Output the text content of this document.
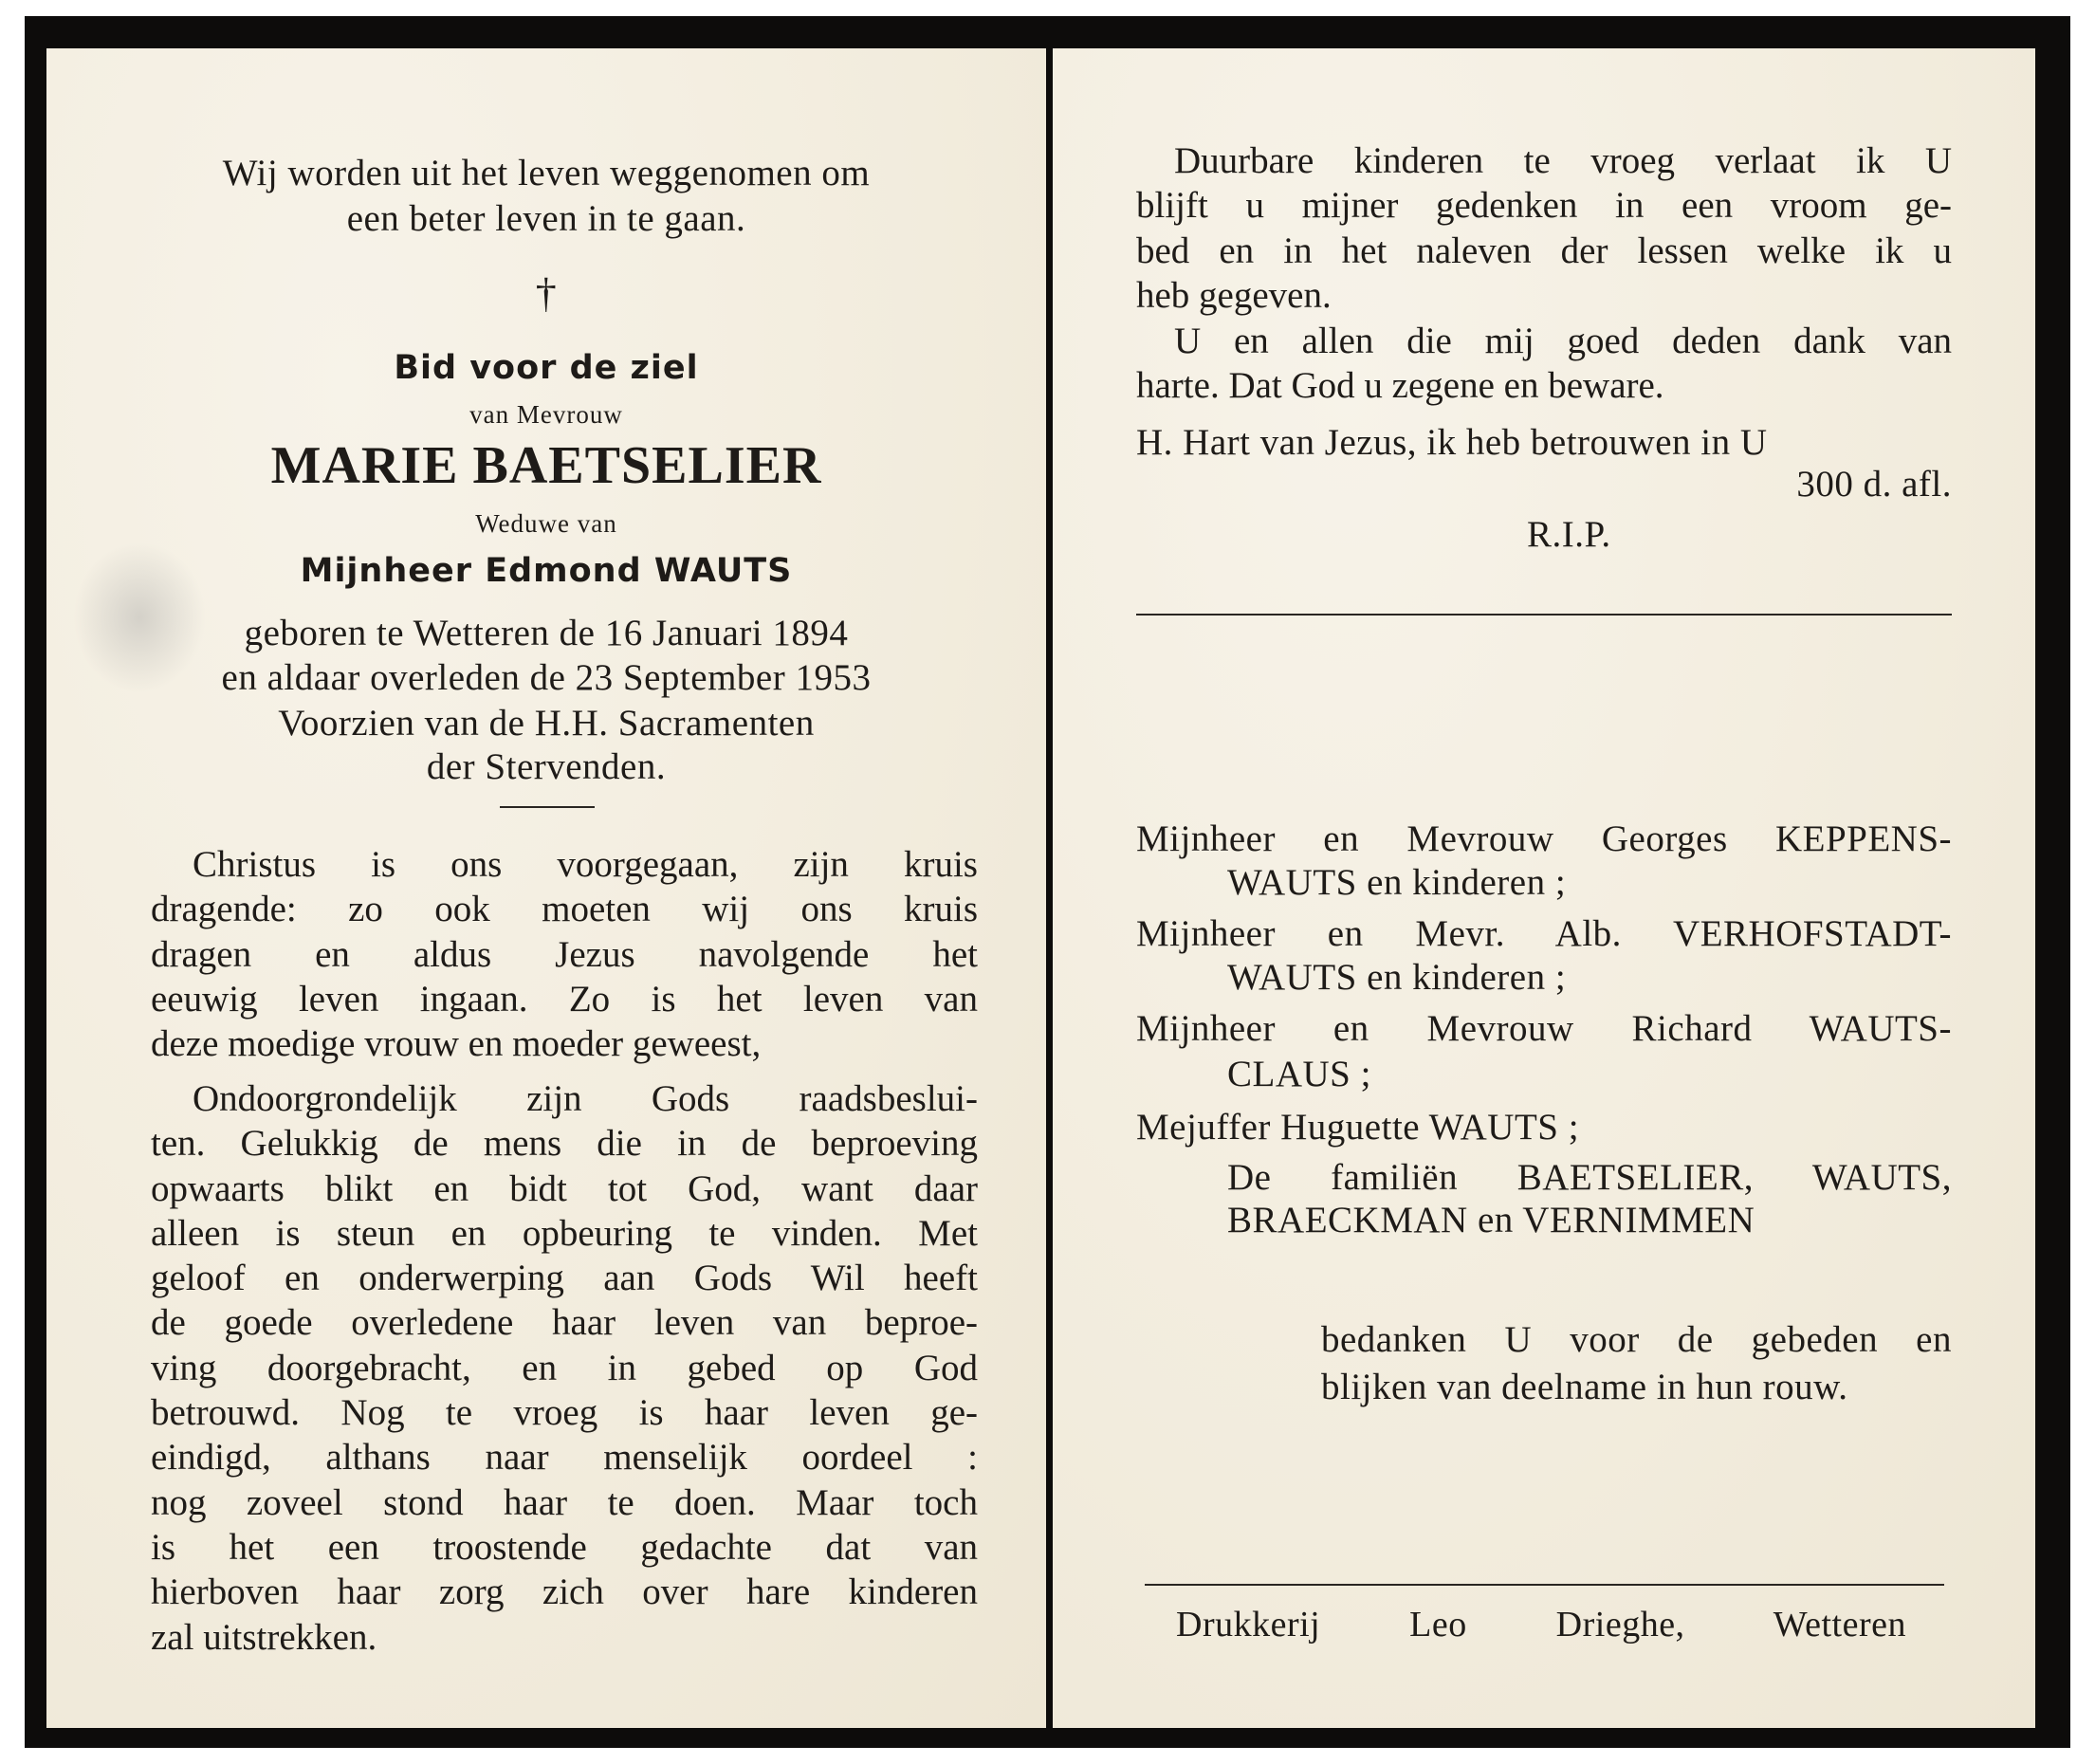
Wij worden uit het leven weggenomen om
een beter leven in te gaan.
†
Bid voor de ziel
van Mevrouw
MARIE BAETSELIER
Weduwe van
Mijnheer Edmond WAUTS
geboren te Wetteren de 16 Januari 1894
en aldaar overleden de 23 September 1953
Voorzien van de H.H. Sacramenten
der Stervenden.
Christus is ons voorgegaan, zijn kruis
dragende: zo ook moeten wij ons kruis
dragen en aldus Jezus navolgende het
eeuwig leven ingaan. Zo is het leven van
deze moedige vrouw en moeder geweest,
Ondoorgrondelijk zijn Gods raadsbeslui-
ten. Gelukkig de mens die in de beproeving
opwaarts blikt en bidt tot God, want daar
alleen is steun en opbeuring te vinden. Met
geloof en onderwerping aan Gods Wil heeft
de goede overledene haar leven van beproe-
ving doorgebracht, en in gebed op God
betrouwd. Nog te vroeg is haar leven ge-
eindigd, althans naar menselijk oordeel :
nog zoveel stond haar te doen. Maar toch
is het een troostende gedachte dat van
hierboven haar zorg zich over hare kinderen
zal uitstrekken.
Duurbare kinderen te vroeg verlaat ik U
blijft u mijner gedenken in een vroom ge-
bed en in het naleven der lessen welke ik u
heb gegeven.
U en allen die mij goed deden dank van
harte. Dat God u zegene en beware.
H. Hart van Jezus, ik heb betrouwen in U
300 d. afl.
R.I.P.
Mijnheer en Mevrouw Georges KEPPENS-
WAUTS en kinderen ;
Mijnheer en Mevr. Alb. VERHOFSTADT-
WAUTS en kinderen ;
Mijnheer en Mevrouw Richard WAUTS-
CLAUS ;
Mejuffer Huguette WAUTS ;
De familiën BAETSELIER, WAUTS,
BRAECKMAN en VERNIMMEN
bedanken U voor de gebeden en
blijken van deelname in hun rouw.
Drukkerij Leo Drieghe, Wetteren
